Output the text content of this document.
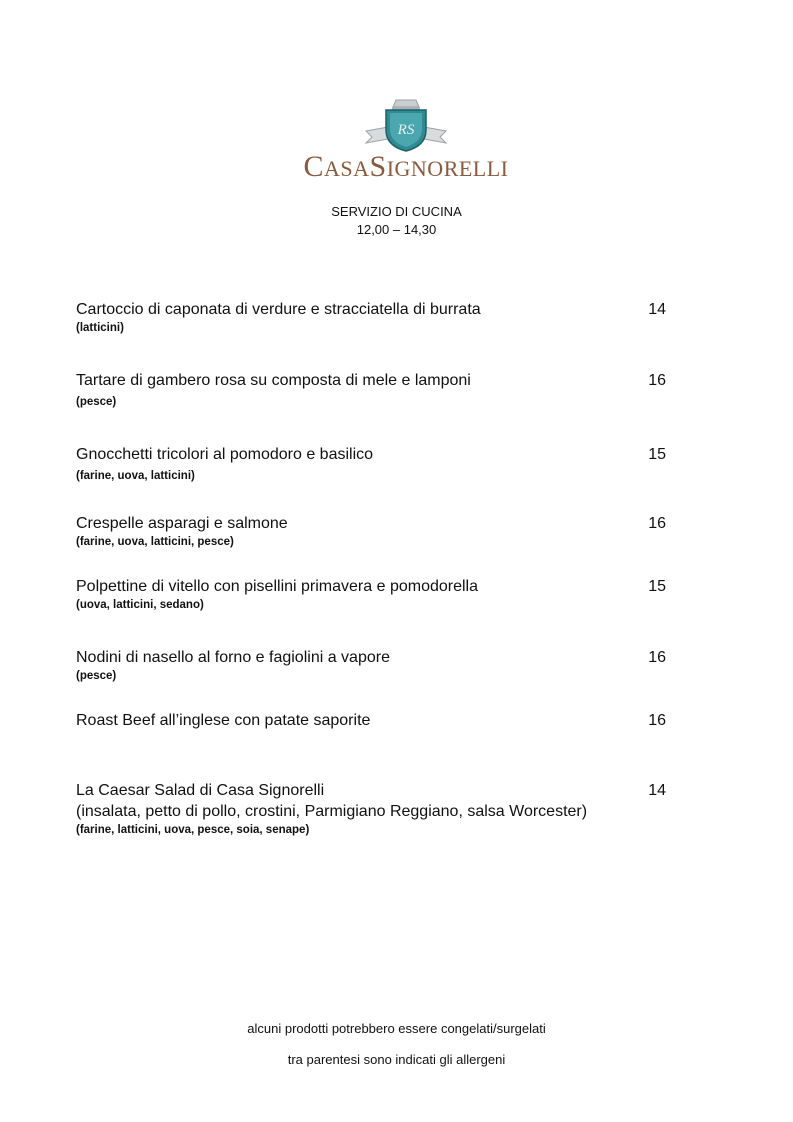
RS
CASASIGNORELLI
SERVIZIO DI CUCINA
12,00 – 14,30
Cartoccio di caponata di verdure e stracciatella di burrata
(latticini)
14
Tartare di gambero rosa su composta di mele e lamponi
(pesce)
16
Gnocchetti tricolori al pomodoro e basilico
(farine, uova, latticini)
15
Crespelle asparagi e salmone
(farine, uova, latticini, pesce)
16
Polpettine di vitello con pisellini primavera e pomodorella
(uova, latticini, sedano)
15
Nodini di nasello al forno e fagiolini a vapore
(pesce)
16
Roast Beef all’inglese con patate saporite	16
La Caesar Salad di Casa Signorelli
(insalata, petto di pollo, crostini, Parmigiano Reggiano, salsa Worcester)
(farine, latticini, uova, pesce, soia, senape)
14
alcuni prodotti potrebbero essere congelati/surgelati
tra parentesi sono indicati gli allergeni
